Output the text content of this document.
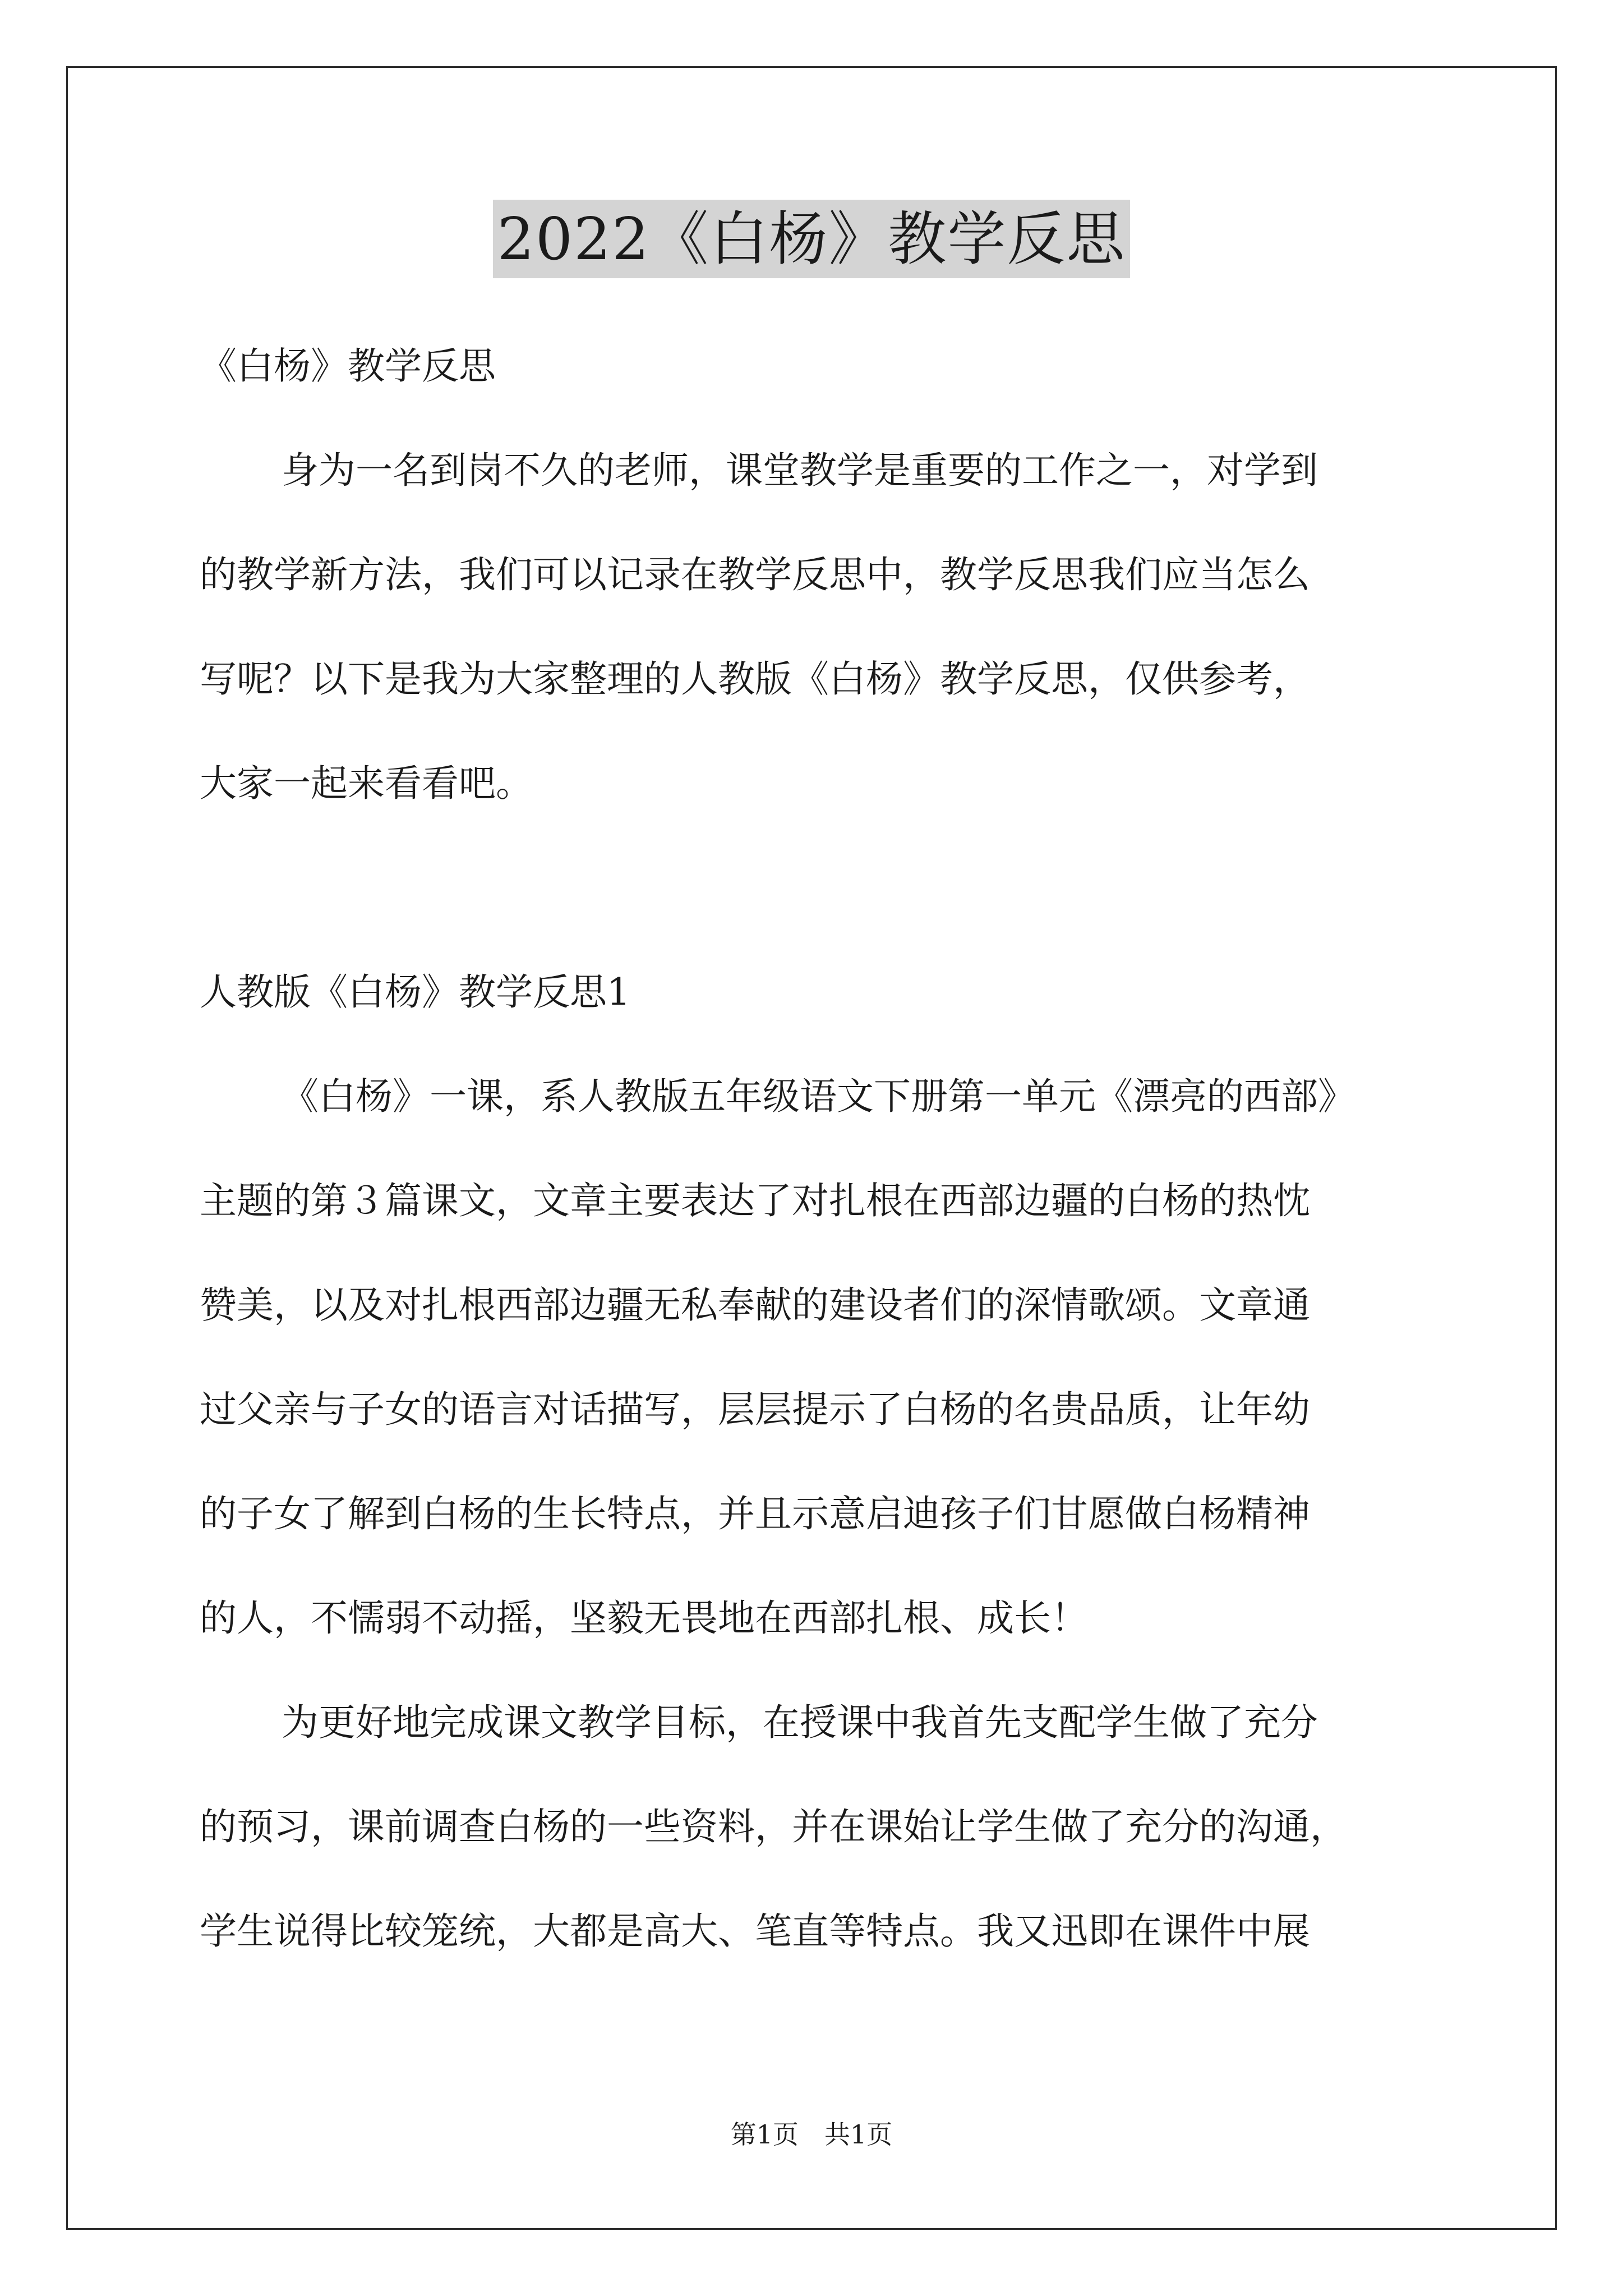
2022《白杨》教学反思
《白杨》教学反思
身为一名到岗不久的老师，课堂教学是重要的工作之一，对学到
的教学新方法，我们可以记录在教学反思中，教学反思我们应当怎么
写呢？以下是我为大家整理的人教版《白杨》教学反思，仅供参考，
大家一起来看看吧。
人教版《白杨》教学反思1
《白杨》一课，系人教版五年级语文下册第一单元《漂亮的西部》
主题的第３篇课文，文章主要表达了对扎根在西部边疆的白杨的热忱
赞美，以及对扎根西部边疆无私奉献的建设者们的深情歌颂。文章通
过父亲与子女的语言对话描写，层层提示了白杨的名贵品质，让年幼
的子女了解到白杨的生长特点，并且示意启迪孩子们甘愿做白杨精神
的人，不懦弱不动摇，坚毅无畏地在西部扎根、成长！
为更好地完成课文教学目标，在授课中我首先支配学生做了充分
的预习，课前调查白杨的一些资料，并在课始让学生做了充分的沟通，
学生说得比较笼统，大都是高大、笔直等特点。我又迅即在课件中展
第1页　共1页
